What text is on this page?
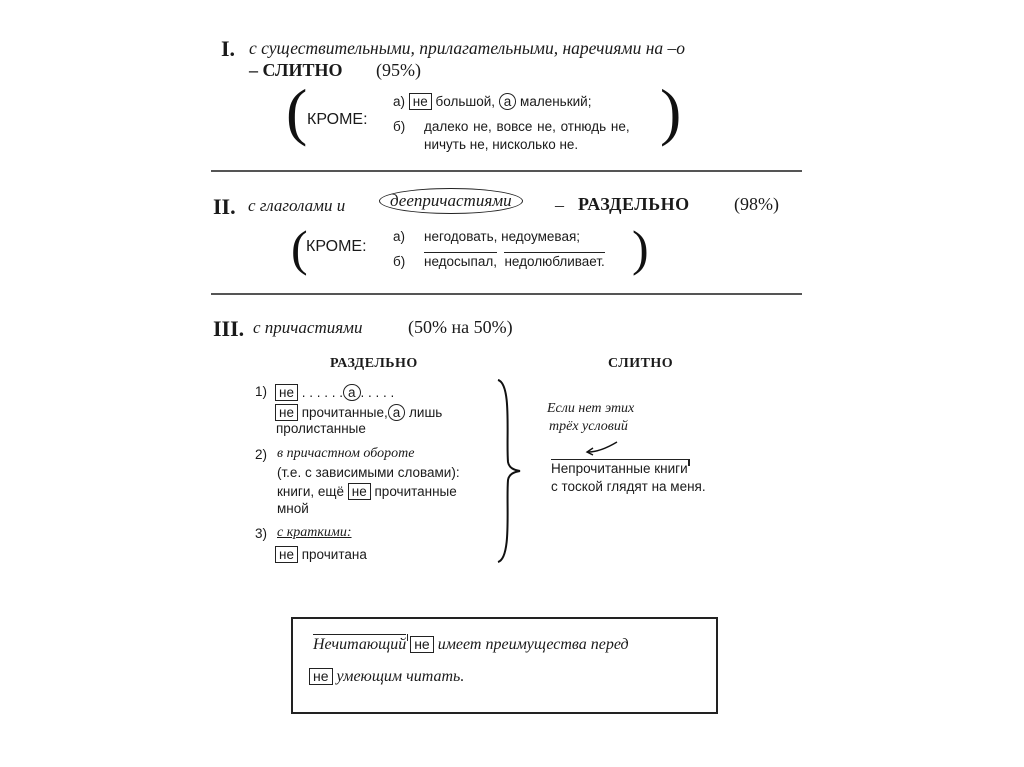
I. с существительными, прилагательными, наречиями на –о
– СЛИТНО (95%)
(	)
КРОМЕ:
а) не большой, а маленький;
б) далеко не, вовсе не, отнюдь не,
ничуть не, нисколько не.
II. с глаголами и	деепричастиями	– РАЗДЕЛЬНО (98%)
(	)
КРОМЕ:
а) негодовать, недоумевая;
б) недосыпал, недолюбливает.
III. с причастиями	(50% на 50%)
РАЗДЕЛЬНО	СЛИТНО
1) не . . . . . . а . . . . .
не прочитанные, а лишь
пролистанные
2) в причастном обороте
(т.е. с зависимыми словами):
книги, ещё не прочитанные
мной
3) с краткими:
не прочитана
Если нет этих
трёх условий
Непрочитанные книги
с тоской глядят на меня.
Нечитающий не имеет преимущества перед
не умеющим читать.
